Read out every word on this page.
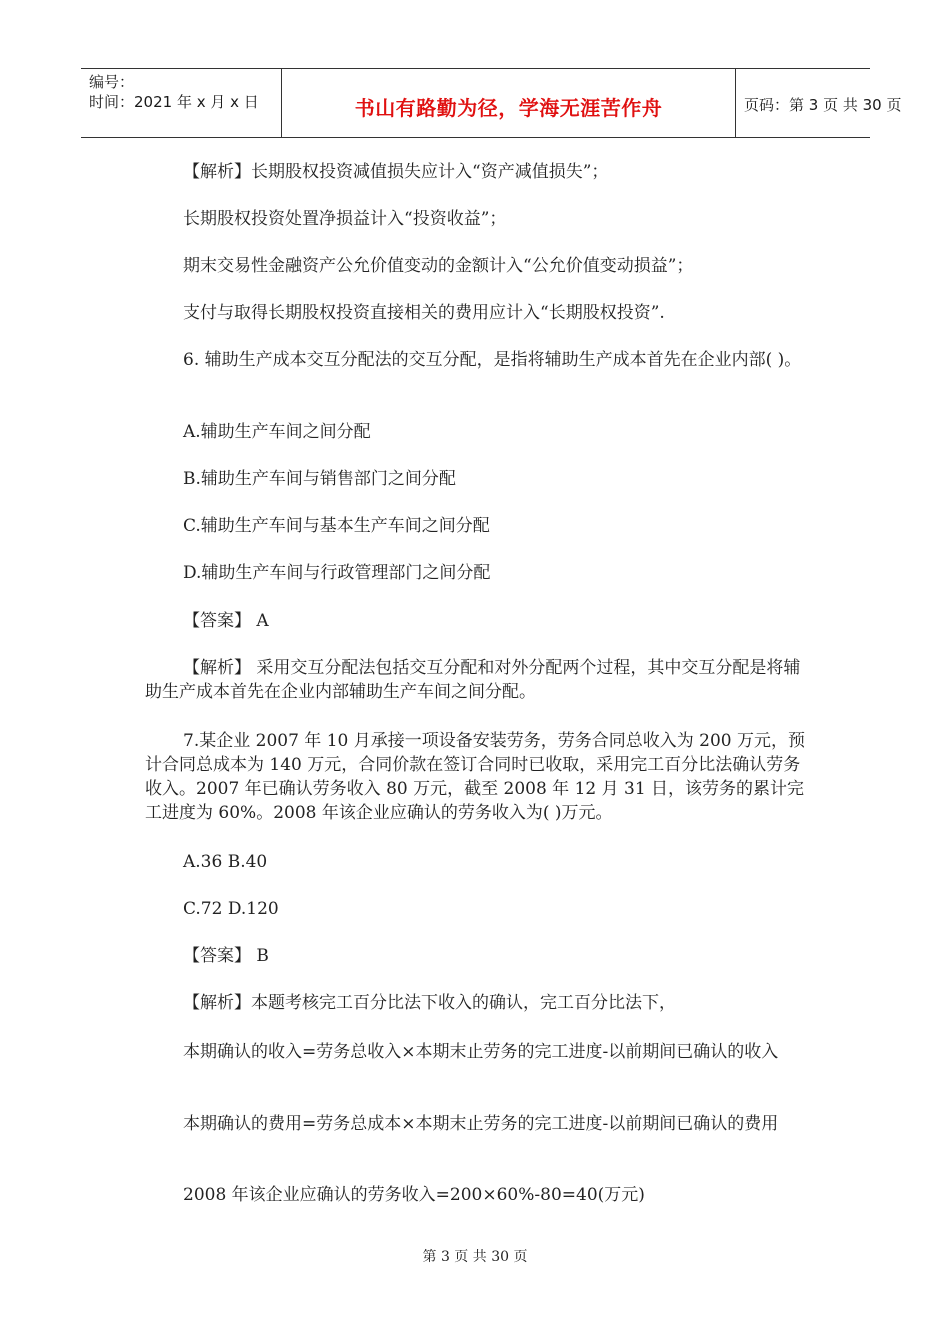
编号：
时间：2021 年 x 月 x 日	书山有路勤为径，学海无涯苦作舟	页码：第 3 页 共 30 页
【解析】长期股权投资减值损失应计入“资产减值损失”；
长期股权投资处置净损益计入“投资收益”；
期末交易性金融资产公允价值变动的金额计入“公允价值变动损益”；
支付与取得长期股权投资直接相关的费用应计入“长期股权投资”.
6. 辅助生产成本交互分配法的交互分配，是指将辅助生产成本首先在企业内部( )。
A.辅助生产车间之间分配
B.辅助生产车间与销售部门之间分配
C.辅助生产车间与基本生产车间之间分配
D.辅助生产车间与行政管理部门之间分配
【答案】 A
【解析】 采用交互分配法包括交互分配和对外分配两个过程，其中交互分配是将辅助生产成本首先在企业内部辅助生产车间之间分配。
7.某企业 2007 年 10 月承接一项设备安装劳务，劳务合同总收入为 200 万元，预计合同总成本为 140 万元，合同价款在签订合同时已收取，采用完工百分比法确认劳务收入。2007 年已确认劳务收入 80 万元，截至 2008 年 12 月 31 日，该劳务的累计完工进度为 60%。2008 年该企业应确认的劳务收入为( )万元。
A.36 B.40
C.72 D.120
【答案】 B
【解析】本题考核完工百分比法下收入的确认，完工百分比法下，
本期确认的收入=劳务总收入×本期末止劳务的完工进度-以前期间已确认的收入
本期确认的费用=劳务总成本×本期末止劳务的完工进度-以前期间已确认的费用
2008 年该企业应确认的劳务收入=200×60%-80=40(万元)
第 3 页 共 30 页
